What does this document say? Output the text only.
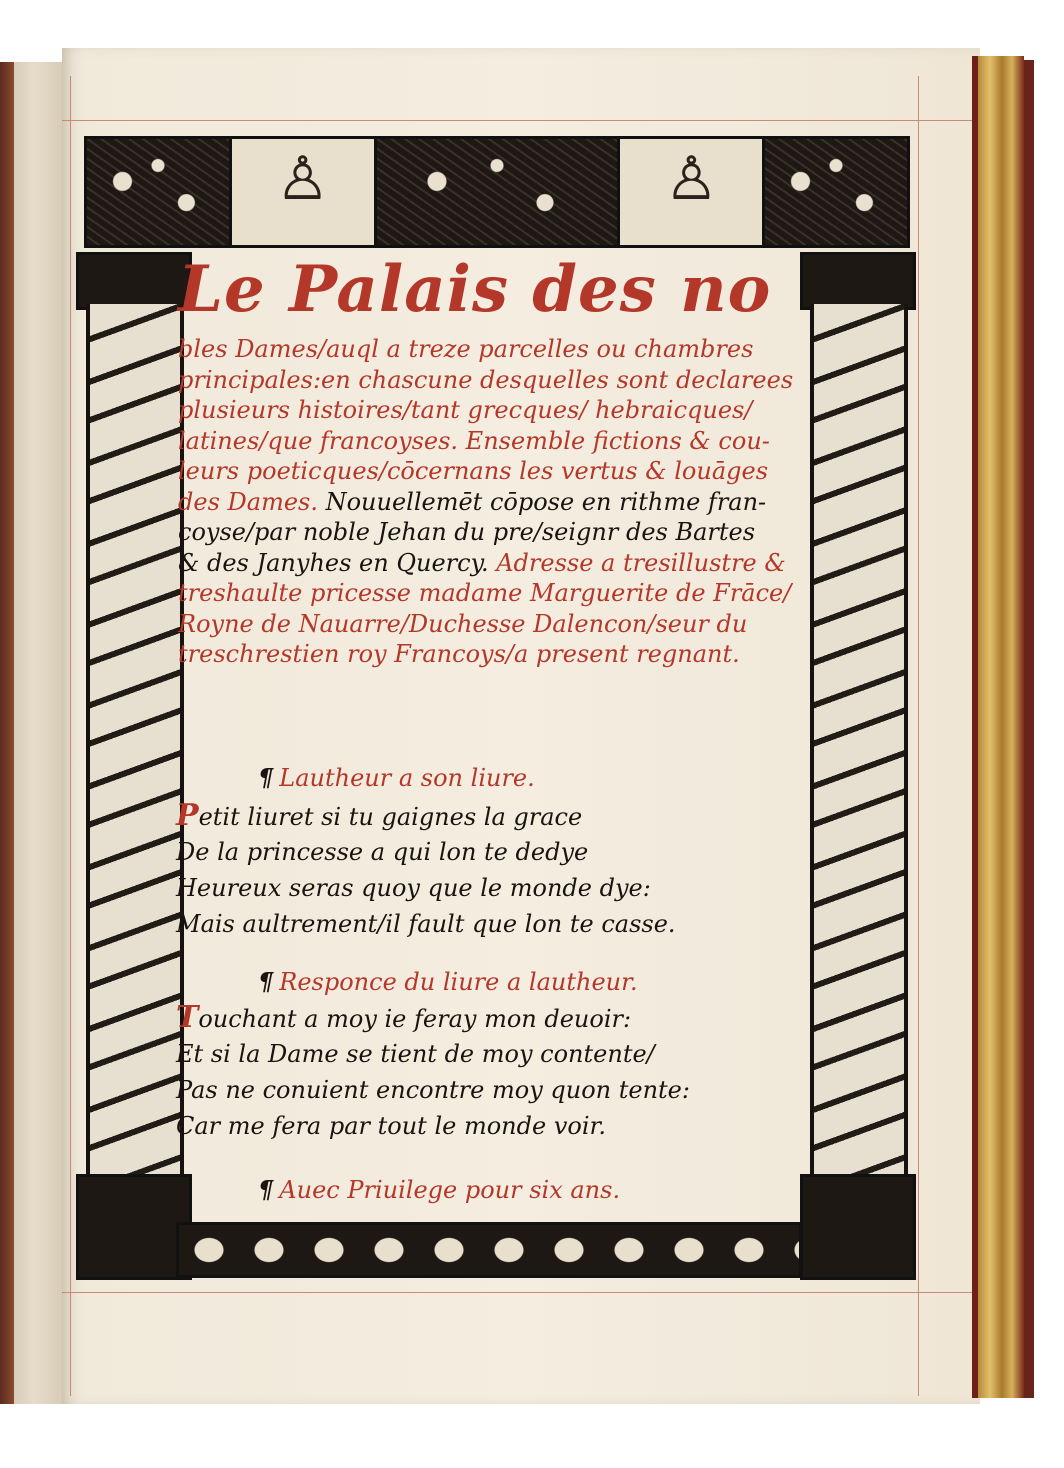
♙	♙
Le Palais des no
bles Dames/auql a treze parcelles ou chambres
principales:en chascune desquelles sont declarees
plusieurs histoires/tant grecques/ hebraicques/
latines/que francoyses. Ensemble fictions & cou-
leurs poeticques/cōcernans les vertus & louāges
des Dames. Nouuellemēt cōpose en rithme fran-
coyse/par noble Jehan du pre/seignr des Bartes
& des Janyhes en Quercy. Adresse a tresillustre &
treshaulte pricesse madame Marguerite de Frāce/
Royne de Nauarre/Duchesse Dalencon/seur du
treschrestien roy Francoys/a present regnant.
¶ Lautheur a son liure.
Petit liuret si tu gaignes la grace
De la princesse a qui lon te dedye
Heureux seras quoy que le monde dye:
Mais aultrement/il fault que lon te casse.
¶ Responce du liure a lautheur.
Touchant a moy ie feray mon deuoir:
Et si la Dame se tient de moy contente/
Pas ne conuient encontre moy quon tente:
Car me fera par tout le monde voir.
¶ Auec Priuilege pour six ans.
